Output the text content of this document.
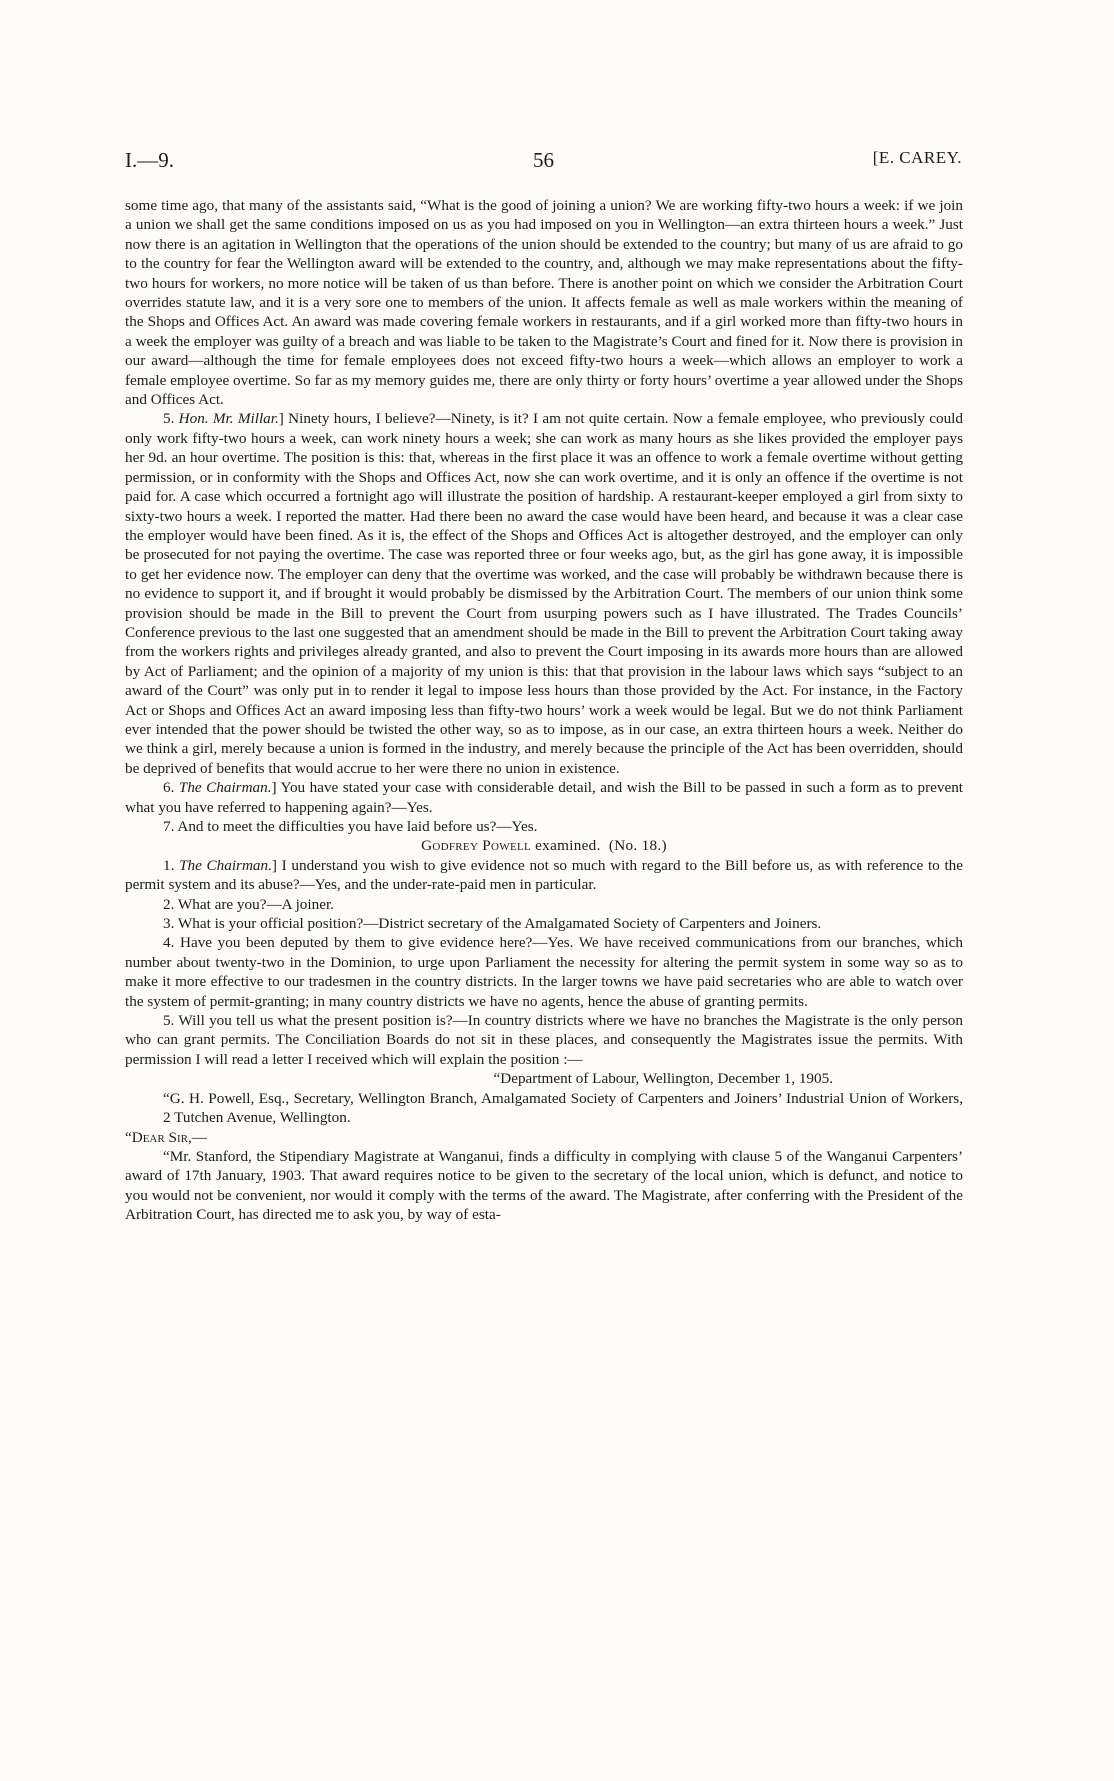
I.—9.	56	[E. CAREY.

some time ago, that many of the assistants said, “What is the good of joining a union? We are working fifty-two hours a week: if we join a union we shall get the same conditions imposed on us as you had imposed on you in Wellington—an extra thirteen hours a week.” Just now there is an agitation in Wellington that the operations of the union should be extended to the country; but many of us are afraid to go to the country for fear the Wellington award will be extended to the country, and, although we may make representations about the fifty-two hours for workers, no more notice will be taken of us than before. There is another point on which we consider the Arbitration Court overrides statute law, and it is a very sore one to members of the union. It affects female as well as male workers within the meaning of the Shops and Offices Act. An award was made covering female workers in restaurants, and if a girl worked more than fifty-two hours in a week the employer was guilty of a breach and was liable to be taken to the Magistrate’s Court and fined for it. Now there is provision in our award—although the time for female employees does not exceed fifty-two hours a week—which allows an employer to work a female employee overtime. So far as my memory guides me, there are only thirty or forty hours’ overtime a year allowed under the Shops and Offices Act.

5. Hon. Mr. Millar.] Ninety hours, I believe?—Ninety, is it? I am not quite certain. Now a female employee, who previously could only work fifty-two hours a week, can work ninety hours a week; she can work as many hours as she likes provided the employer pays her 9d. an hour overtime. The position is this: that, whereas in the first place it was an offence to work a female overtime without getting permission, or in conformity with the Shops and Offices Act, now she can work overtime, and it is only an offence if the overtime is not paid for. A case which occurred a fortnight ago will illustrate the position of hardship. A restaurant-keeper employed a girl from sixty to sixty-two hours a week. I reported the matter. Had there been no award the case would have been heard, and because it was a clear case the employer would have been fined. As it is, the effect of the Shops and Offices Act is altogether destroyed, and the employer can only be prosecuted for not paying the overtime. The case was reported three or four weeks ago, but, as the girl has gone away, it is impossible to get her evidence now. The employer can deny that the overtime was worked, and the case will probably be withdrawn because there is no evidence to support it, and if brought it would probably be dismissed by the Arbitration Court. The members of our union think some provision should be made in the Bill to prevent the Court from usurping powers such as I have illustrated. The Trades Councils’ Conference previous to the last one suggested that an amendment should be made in the Bill to prevent the Arbitration Court taking away from the workers rights and privileges already granted, and also to prevent the Court imposing in its awards more hours than are allowed by Act of Parliament; and the opinion of a majority of my union is this: that that provision in the labour laws which says “subject to an award of the Court” was only put in to render it legal to impose less hours than those provided by the Act. For instance, in the Factory Act or Shops and Offices Act an award imposing less than fifty-two hours’ work a week would be legal. But we do not think Parliament ever intended that the power should be twisted the other way, so as to impose, as in our case, an extra thirteen hours a week. Neither do we think a girl, merely because a union is formed in the industry, and merely because the principle of the Act has been overridden, should be deprived of benefits that would accrue to her were there no union in existence.

6. The Chairman.] You have stated your case with considerable detail, and wish the Bill to be passed in such a form as to prevent what you have referred to happening again?—Yes.

7. And to meet the difficulties you have laid before us?—Yes.

Godfrey Powell examined. (No. 18.)

1. The Chairman.] I understand you wish to give evidence not so much with regard to the Bill before us, as with reference to the permit system and its abuse?—Yes, and the under-rate-paid men in particular.

2. What are you?—A joiner.

3. What is your official position?—District secretary of the Amalgamated Society of Carpenters and Joiners.

4. Have you been deputed by them to give evidence here?—Yes. We have received communications from our branches, which number about twenty-two in the Dominion, to urge upon Parliament the necessity for altering the permit system in some way so as to make it more effective to our tradesmen in the country districts. In the larger towns we have paid secretaries who are able to watch over the system of permit-granting; in many country districts we have no agents, hence the abuse of granting permits.

5. Will you tell us what the present position is?—In country districts where we have no branches the Magistrate is the only person who can grant permits. The Conciliation Boards do not sit in these places, and consequently the Magistrates issue the permits. With permission I will read a letter I received which will explain the position :—

“Department of Labour, Wellington, December 1, 1905.

“G. H. Powell, Esq., Secretary, Wellington Branch, Amalgamated Society of Carpenters and Joiners’ Industrial Union of Workers, 2 Tutchen Avenue, Wellington.

“Dear Sir,—

“Mr. Stanford, the Stipendiary Magistrate at Wanganui, finds a difficulty in complying with clause 5 of the Wanganui Carpenters’ award of 17th January, 1903. That award requires notice to be given to the secretary of the local union, which is defunct, and notice to you would not be convenient, nor would it comply with the terms of the award. The Magistrate, after conferring with the President of the Arbitration Court, has directed me to ask you, by way of esta-
